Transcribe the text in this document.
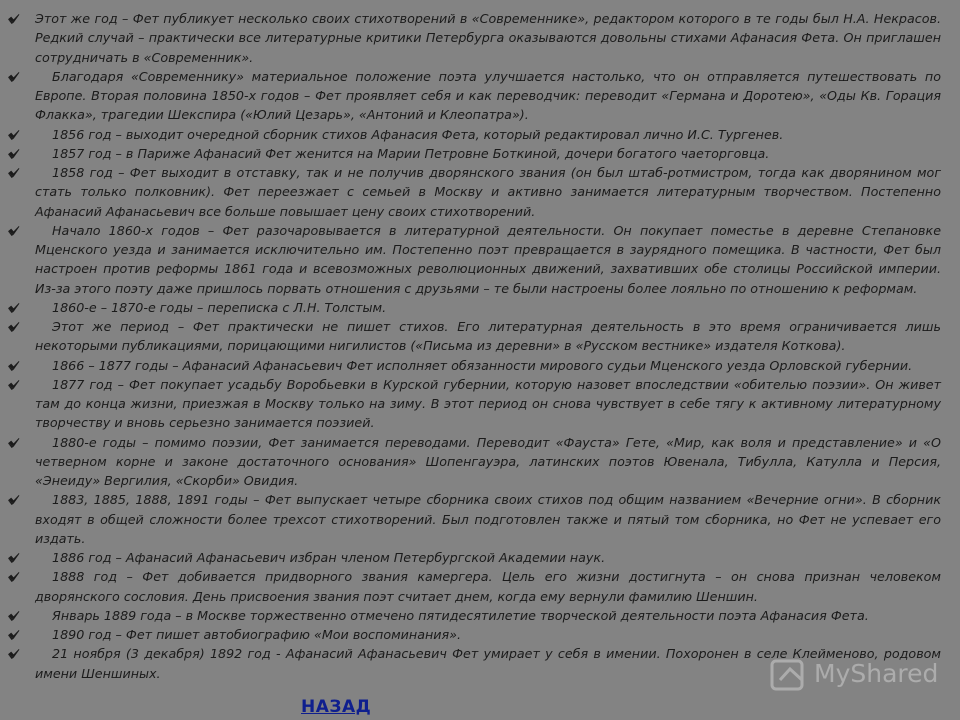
Этот же год – Фет публикует несколько своих стихотворений в «Современнике», редактором которого в те годы был Н.А. Некрасов. Редкий случай – практически все литературные критики Петербурга оказываются довольны стихами Афанасия Фета. Он приглашен сотрудничать в «Современник».
Благодаря «Современнику» материальное положение поэта улучшается настолько, что он отправляется путешествовать по Европе. Вторая половина 1850-х годов – Фет проявляет себя и как переводчик: переводит «Германа и Доротею», «Оды Кв. Горация Флакка», трагедии Шекспира («Юлий Цезарь», «Антоний и Клеопатра»).
1856 год – выходит очередной сборник стихов Афанасия Фета, который редактировал лично И.С. Тургенев.
1857 год – в Париже Афанасий Фет женится на Марии Петровне Боткиной, дочери богатого чаеторговца.
1858 год – Фет выходит в отставку, так и не получив дворянского звания (он был штаб-ротмистром, тогда как дворянином мог стать только полковник). Фет переезжает с семьей в Москву и активно занимается литературным творчеством. Постепенно Афанасий Афанасьевич все больше повышает цену своих стихотворений.
Начало 1860-х годов – Фет разочаровывается в литературной деятельности. Он покупает поместье в деревне Степановке Мценского уезда и занимается исключительно им. Постепенно поэт превращается в заурядного помещика. В частности, Фет был настроен против реформы 1861 года и всевозможных революционных движений, захвативших обе столицы Российской империи. Из-за этого поэту даже пришлось порвать отношения с друзьями – те были настроены более лояльно по отношению к реформам.
1860-е – 1870-е годы – переписка с Л.Н. Толстым.
Этот же период – Фет практически не пишет стихов. Его литературная деятельность в это время ограничивается лишь некоторыми публикациями, порицающими нигилистов («Письма из деревни» в «Русском вестнике» издателя Коткова).
1866 – 1877 годы – Афанасий Афанасьевич Фет исполняет обязанности мирового судьи Мценского уезда Орловской губернии.
1877 год – Фет покупает усадьбу Воробьевки в Курской губернии, которую назовет впоследствии «обителью поэзии». Он живет там до конца жизни, приезжая в Москву только на зиму. В этот период он снова чувствует в себе тягу к активному литературному творчеству и вновь серьезно занимается поэзией.
1880-е годы – помимо поэзии, Фет занимается переводами. Переводит «Фауста» Гете, «Мир, как воля и представление» и «О четверном корне и законе достаточного основания» Шопенгауэра, латинских поэтов Ювенала, Тибулла, Катулла и Персия, «Энеиду» Вергилия, «Скорби» Овидия.
1883, 1885, 1888, 1891 годы – Фет выпускает четыре сборника своих стихов под общим названием «Вечерние огни». В сборник входят в общей сложности более трехсот стихотворений. Был подготовлен также и пятый том сборника, но Фет не успевает его издать.
1886 год – Афанасий Афанасьевич избран членом Петербургской Академии наук.
1888 год – Фет добивается придворного звания камергера. Цель его жизни достигнута – он снова признан человеком дворянского сословия. День присвоения звания поэт считает днем, когда ему вернули фамилию Шеншин.
Январь 1889 года – в Москве торжественно отмечено пятидесятилетие творческой деятельности поэта Афанасия Фета.
1890 год – Фет пишет автобиографию «Мои воспоминания».
21 ноября (3 декабря) 1892 год - Афанасий Афанасьевич Фет умирает у себя в имении. Похоронен в селе Клейменово, родовом имени Шеншиных.
НАЗАД
MyShared
